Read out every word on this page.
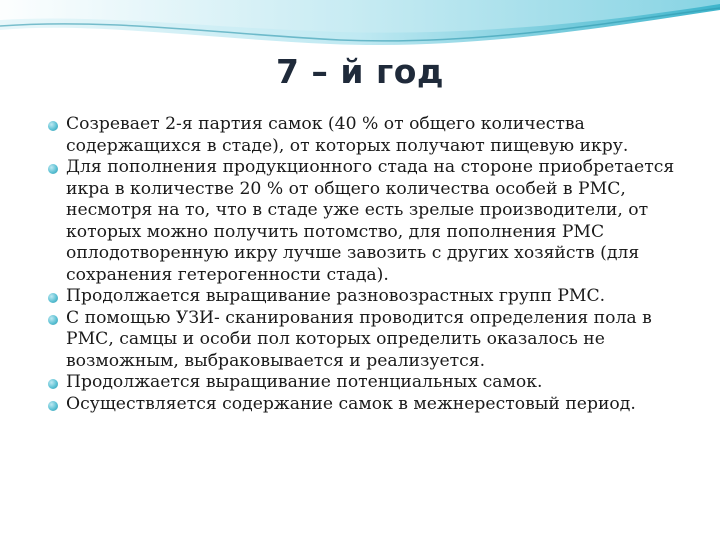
7 – й год
Созревает 2-я партия самок (40 % от общего количества содержащихся в стаде), от которых получают пищевую икру.
Для пополнения продукционного стада на стороне приобретается икра в количестве 20 % от общего количества особей в РМС, несмотря на то, что в стаде уже есть зрелые производители, от которых можно получить потомство, для пополнения РМС оплодотворенную икру лучше завозить с других хозяйств (для сохранения гетерогенности стада).
Продолжается выращивание разновозрастных групп РМС.
С помощью УЗИ- сканирования проводится определения пола в РМС, самцы и особи пол которых определить оказалось не возможным, выбраковывается и реализуется.
Продолжается выращивание потенциальных самок.
Осуществляется содержание самок в межнерестовый период.
